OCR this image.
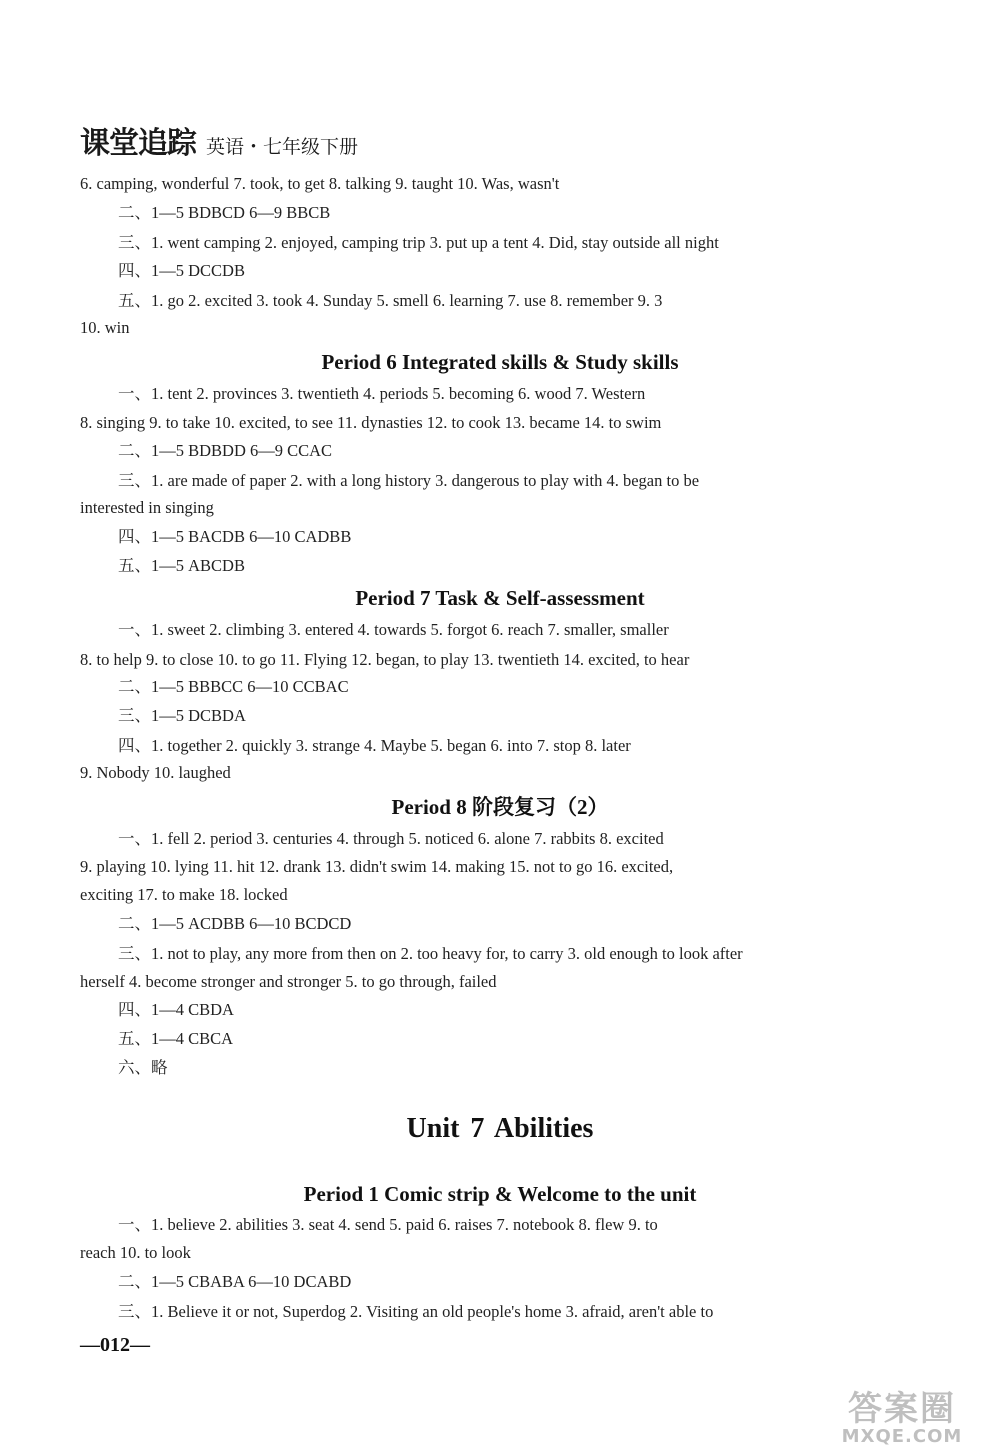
课堂追踪 英语・七年级下册
6. camping, wonderful 7. took, to get 8. talking 9. taught 10. Was, wasn't
二、1—5 BDBCD 6—9 BBCB
三、1. went camping 2. enjoyed, camping trip 3. put up a tent 4. Did, stay outside all night
四、1—5 DCCDB
五、1. go 2. excited 3. took 4. Sunday 5. smell 6. learning 7. use 8. remember 9. 3
10. win
一、1. tent 2. provinces 3. twentieth 4. periods 5. becoming 6. wood 7. Western
8. singing 9. to take 10. excited, to see 11. dynasties 12. to cook 13. became 14. to swim
二、1—5 BDBDD 6—9 CCAC
三、1. are made of paper 2. with a long history 3. dangerous to play with 4. began to be
interested in singing
四、1—5 BACDB 6—10 CADBB
五、1—5 ABCDB
一、1. sweet 2. climbing 3. entered 4. towards 5. forgot 6. reach 7. smaller, smaller
8. to help 9. to close 10. to go 11. Flying 12. began, to play 13. twentieth 14. excited, to hear
二、1—5 BBBCC 6—10 CCBAC
三、1—5 DCBDA
四、1. together 2. quickly 3. strange 4. Maybe 5. began 6. into 7. stop 8. later
9. Nobody 10. laughed
一、1. fell 2. period 3. centuries 4. through 5. noticed 6. alone 7. rabbits 8. excited
9. playing 10. lying 11. hit 12. drank 13. didn't swim 14. making 15. not to go 16. excited,
exciting 17. to make 18. locked
二、1—5 ACDBB 6—10 BCDCD
三、1. not to play, any more from then on 2. too heavy for, to carry 3. old enough to look after
herself 4. become stronger and stronger 5. to go through, failed
四、1—4 CBDA
五、1—4 CBCA
六、略
一、1. believe 2. abilities 3. seat 4. send 5. paid 6. raises 7. notebook 8. flew 9. to
reach 10. to look
二、1—5 CBABA 6—10 DCABD
三、1. Believe it or not, Superdog 2. Visiting an old people's home 3. afraid, aren't able to
Period 6 Integrated skills & Study skills
Period 7 Task & Self-assessment
Period 8 阶段复习（2）
Period 1 Comic strip & Welcome to the unit
Unit 7 Abilities
—012—
答案圈
MXQE.COM
